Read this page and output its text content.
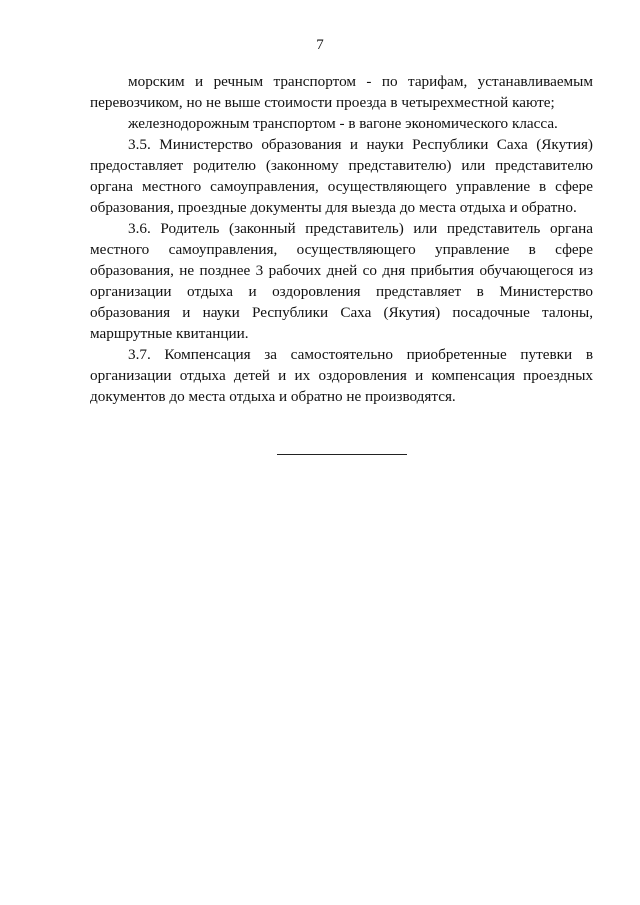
7

морским и речным транспортом - по тарифам, устанавливаемым перевозчиком, но не выше стоимости проезда в четырехместной каюте;

железнодорожным транспортом - в вагоне экономического класса.

3.5. Министерство образования и науки Республики Саха (Якутия) предоставляет родителю (законному представителю) или представителю органа местного самоуправления, осуществляющего управление в сфере образования, проездные документы для выезда до места отдыха и обратно.

3.6. Родитель (законный представитель) или представитель органа местного самоуправления, осуществляющего управление в сфере образования, не позднее 3 рабочих дней со дня прибытия обучающегося из организации отдыха и оздоровления представляет в Министерство образования и науки Республики Саха (Якутия) посадочные талоны, маршрутные квитанции.

3.7. Компенсация за самостоятельно приобретенные путевки в организации отдыха детей и их оздоровления и компенсация проездных документов до места отдыха и обратно не производятся.
